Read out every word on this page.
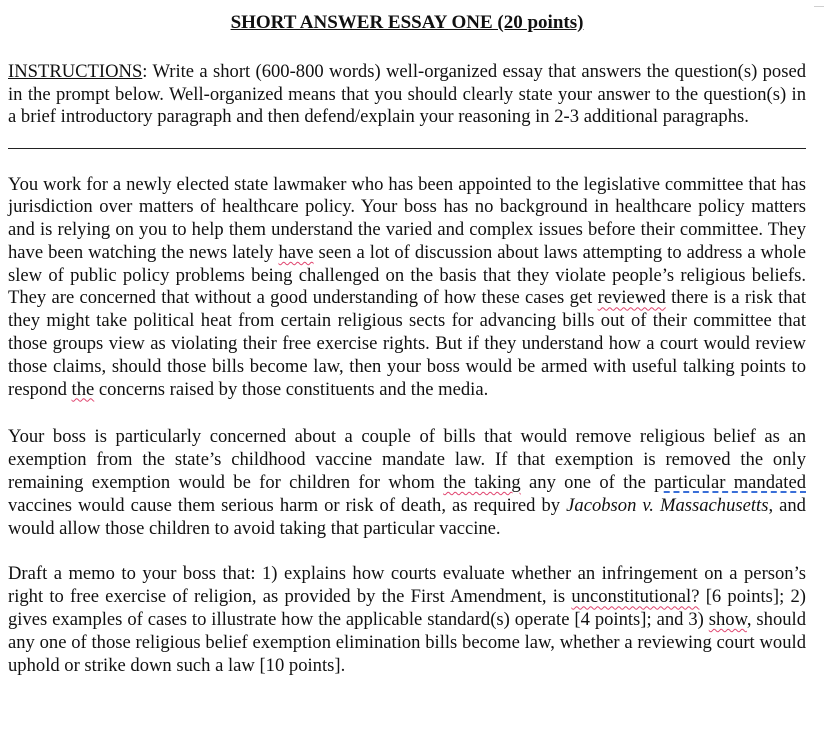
SHORT ANSWER ESSAY ONE (20 points)

INSTRUCTIONS: Write a short (600-800 words) well-organized essay that answers the question(s) posed in the prompt below. Well-organized means that you should clearly state your answer to the question(s) in a brief introductory paragraph and then defend/explain your reasoning in 2-3 additional paragraphs.

You work for a newly elected state lawmaker who has been appointed to the legislative committee that has jurisdiction over matters of healthcare policy. Your boss has no background in healthcare policy matters and is relying on you to help them understand the varied and complex issues before their committee. They have been watching the news lately have seen a lot of discussion about laws attempting to address a whole slew of public policy problems being challenged on the basis that they violate people’s religious beliefs. They are concerned that without a good understanding of how these cases get reviewed there is a risk that they might take political heat from certain religious sects for advancing bills out of their committee that those groups view as violating their free exercise rights. But if they understand how a court would review those claims, should those bills become law, then your boss would be armed with useful talking points to respond the concerns raised by those constituents and the media.

Your boss is particularly concerned about a couple of bills that would remove religious belief as an exemption from the state’s childhood vaccine mandate law. If that exemption is removed the only remaining exemption would be for children for whom the taking any one of the particular mandated vaccines would cause them serious harm or risk of death, as required by Jacobson v. Massachusetts, and would allow those children to avoid taking that particular vaccine.

Draft a memo to your boss that: 1) explains how courts evaluate whether an infringement on a person’s right to free exercise of religion, as provided by the First Amendment, is unconstitutional? [6 points]; 2) gives examples of cases to illustrate how the applicable standard(s) operate [4 points]; and 3) show, should any one of those religious belief exemption elimination bills become law, whether a reviewing court would uphold or strike down such a law [10 points].
